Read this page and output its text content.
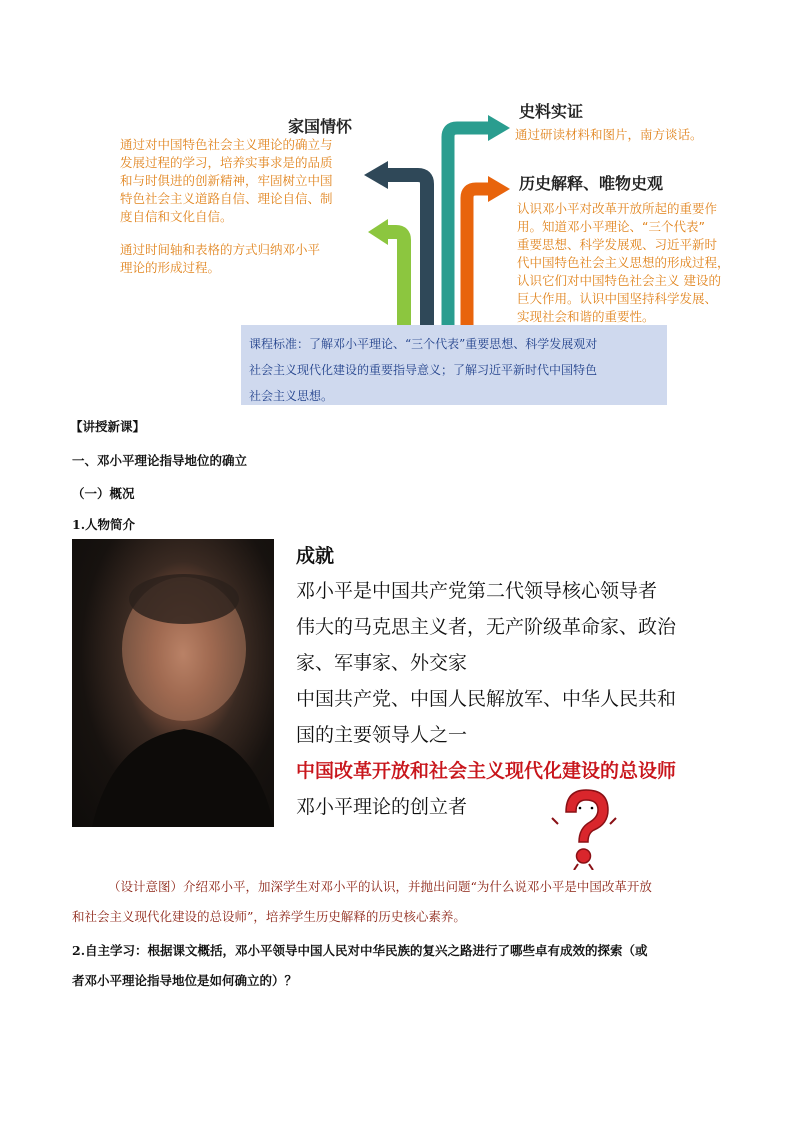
家国情怀
通过对中国特色社会主义理论的确立与
发展过程的学习，培养实事求是的品质
和与时俱进的创新精神，牢固树立中国
特色社会主义道路自信、理论自信、制
度自信和文化自信。
通过时间轴和表格的方式归纳邓小平
理论的形成过程。
史料实证
通过研读材料和图片，南方谈话。
历史解释、唯物史观
认识邓小平对改革开放所起的重要作
用。知道邓小平理论、“三个代表”
重要思想、科学发展观、习近平新时
代中国特色社会主义思想的形成过程，
认识它们对中国特色社会主义 建设的
巨大作用。认识中国坚持科学发展、
实现社会和谐的重要性。
课程标准：了解邓小平理论、“三个代表”重要思想、科学发展观对
社会主义现代化建设的重要指导意义；了解习近平新时代中国特色
社会主义思想。
【讲授新课】
一、邓小平理论指导地位的确立
（一）概况
1.人物简介
成就
邓小平是中国共产党第二代领导核心领导者
伟大的马克思主义者，无产阶级革命家、政治
家、军事家、外交家
中国共产党、中国人民解放军、中华人民共和
国的主要领导人之一
中国改革开放和社会主义现代化建设的总设师
邓小平理论的创立者
（设计意图）介绍邓小平，加深学生对邓小平的认识，并抛出问题“为什么说邓小平是中国改革开放
和社会主义现代化建设的总设师”，培养学生历史解释的历史核心素养。
2.自主学习：根据课文概括，邓小平领导中国人民对中华民族的复兴之路进行了哪些卓有成效的探索（或
者邓小平理论指导地位是如何确立的）？
